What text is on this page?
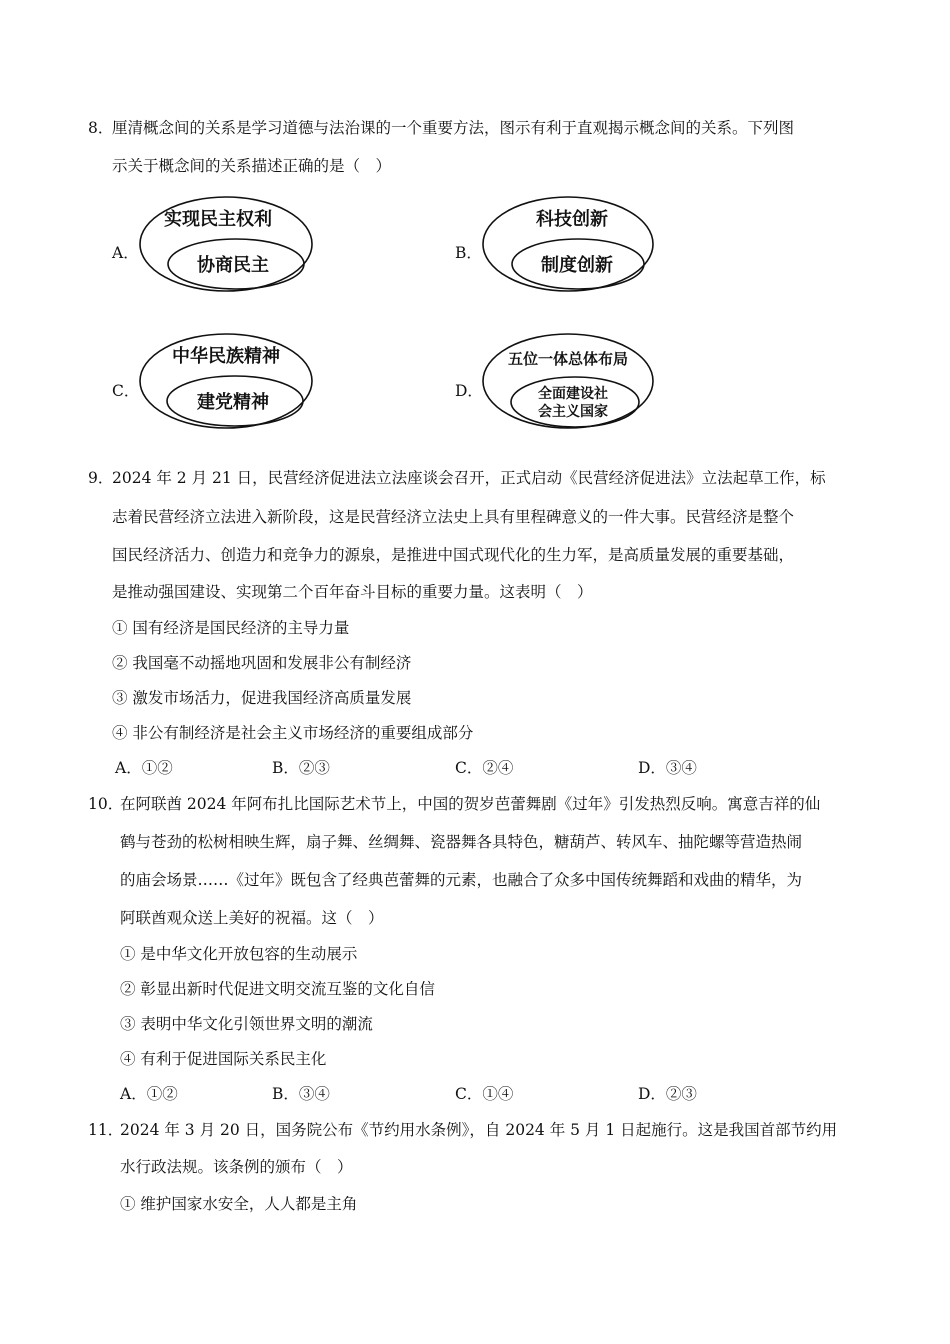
8．
厘清概念间的关系是学习道德与法治课的一个重要方法，图示有利于直观揭示概念间的关系。下列图
示关于概念间的关系描述正确的是（　）
A．
实现民主权利
协商民主
B．
科技创新
制度创新
C．
中华民族精神
建党精神
D．
五位一体总体布局
全面建设社
会主义国家
9．
2024 年 2 月 21 日，民营经济促进法立法座谈会召开，正式启动《民营经济促进法》立法起草工作，标
志着民营经济立法进入新阶段，这是民营经济立法史上具有里程碑意义的一件大事。民营经济是整个
国民经济活力、创造力和竞争力的源泉，是推进中国式现代化的生力军，是高质量发展的重要基础，
是推动强国建设、实现第二个百年奋斗目标的重要力量。这表明（　）
① 国有经济是国民经济的主导力量
② 我国毫不动摇地巩固和发展非公有制经济
③ 激发市场活力，促进我国经济高质量发展
④ 非公有制经济是社会主义市场经济的重要组成部分
A．①②	B．②③	C．②④	D．③④
10．
在阿联酋 2024 年阿布扎比国际艺术节上，中国的贺岁芭蕾舞剧《过年》引发热烈反响。寓意吉祥的仙
鹤与苍劲的松树相映生辉，扇子舞、丝绸舞、瓷器舞各具特色，糖葫芦、转风车、抽陀螺等营造热闹
的庙会场景……《过年》既包含了经典芭蕾舞的元素，也融合了众多中国传统舞蹈和戏曲的精华，为
阿联酋观众送上美好的祝福。这（　）
① 是中华文化开放包容的生动展示
② 彰显出新时代促进文明交流互鉴的文化自信
③ 表明中华文化引领世界文明的潮流
④ 有利于促进国际关系民主化
A．①②	B．③④	C．①④	D．②③
11．
2024 年 3 月 20 日，国务院公布《节约用水条例》，自 2024 年 5 月 1 日起施行。这是我国首部节约用
水行政法规。该条例的颁布（　）
① 维护国家水安全，人人都是主角
